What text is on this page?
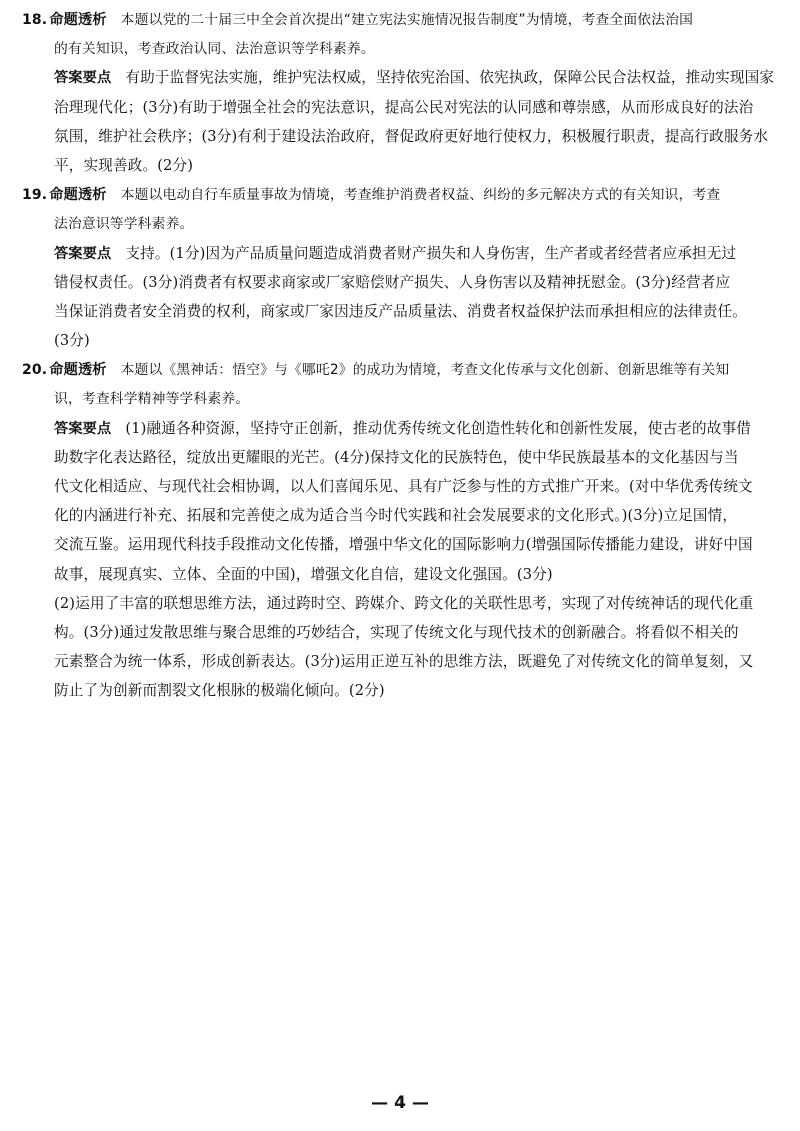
18. 命题透析 本题以党的二十届三中全会首次提出“建立宪法实施情况报告制度”为情境，考查全面依法治国
的有关知识，考查政治认同、法治意识等学科素养。
答案要点 有助于监督宪法实施，维护宪法权威，坚持依宪治国、依宪执政，保障公民合法权益，推动实现国家
治理现代化；(3分)有助于增强全社会的宪法意识，提高公民对宪法的认同感和尊崇感，从而形成良好的法治
氛围，维护社会秩序；(3分)有利于建设法治政府，督促政府更好地行使权力，积极履行职责，提高行政服务水
平，实现善政。(2分)
19. 命题透析 本题以电动自行车质量事故为情境，考查维护消费者权益、纠纷的多元解决方式的有关知识，考查
法治意识等学科素养。
答案要点 支持。(1分)因为产品质量问题造成消费者财产损失和人身伤害，生产者或者经营者应承担无过
错侵权责任。(3分)消费者有权要求商家或厂家赔偿财产损失、人身伤害以及精神抚慰金。(3分)经营者应
当保证消费者安全消费的权利，商家或厂家因违反产品质量法、消费者权益保护法而承担相应的法律责任。
(3分)
20. 命题透析 本题以《黑神话：悟空》与《哪吒2》的成功为情境，考查文化传承与文化创新、创新思维等有关知
识，考查科学精神等学科素养。
答案要点 (1)融通各种资源，坚持守正创新，推动优秀传统文化创造性转化和创新性发展，使古老的故事借
助数字化表达路径，绽放出更耀眼的光芒。(4分)保持文化的民族特色，使中华民族最基本的文化基因与当
代文化相适应、与现代社会相协调，以人们喜闻乐见、具有广泛参与性的方式推广开来。(对中华优秀传统文
化的内涵进行补充、拓展和完善使之成为适合当今时代实践和社会发展要求的文化形式。)(3分)立足国情，
交流互鉴。运用现代科技手段推动文化传播，增强中华文化的国际影响力(增强国际传播能力建设，讲好中国
故事，展现真实、立体、全面的中国)，增强文化自信，建设文化强国。(3分)
(2)运用了丰富的联想思维方法，通过跨时空、跨媒介、跨文化的关联性思考，实现了对传统神话的现代化重
构。(3分)通过发散思维与聚合思维的巧妙结合，实现了传统文化与现代技术的创新融合。将看似不相关的
元素整合为统一体系，形成创新表达。(3分)运用正逆互补的思维方法，既避免了对传统文化的简单复刻，又
防止了为创新而割裂文化根脉的极端化倾向。(2分)
— 4 —
